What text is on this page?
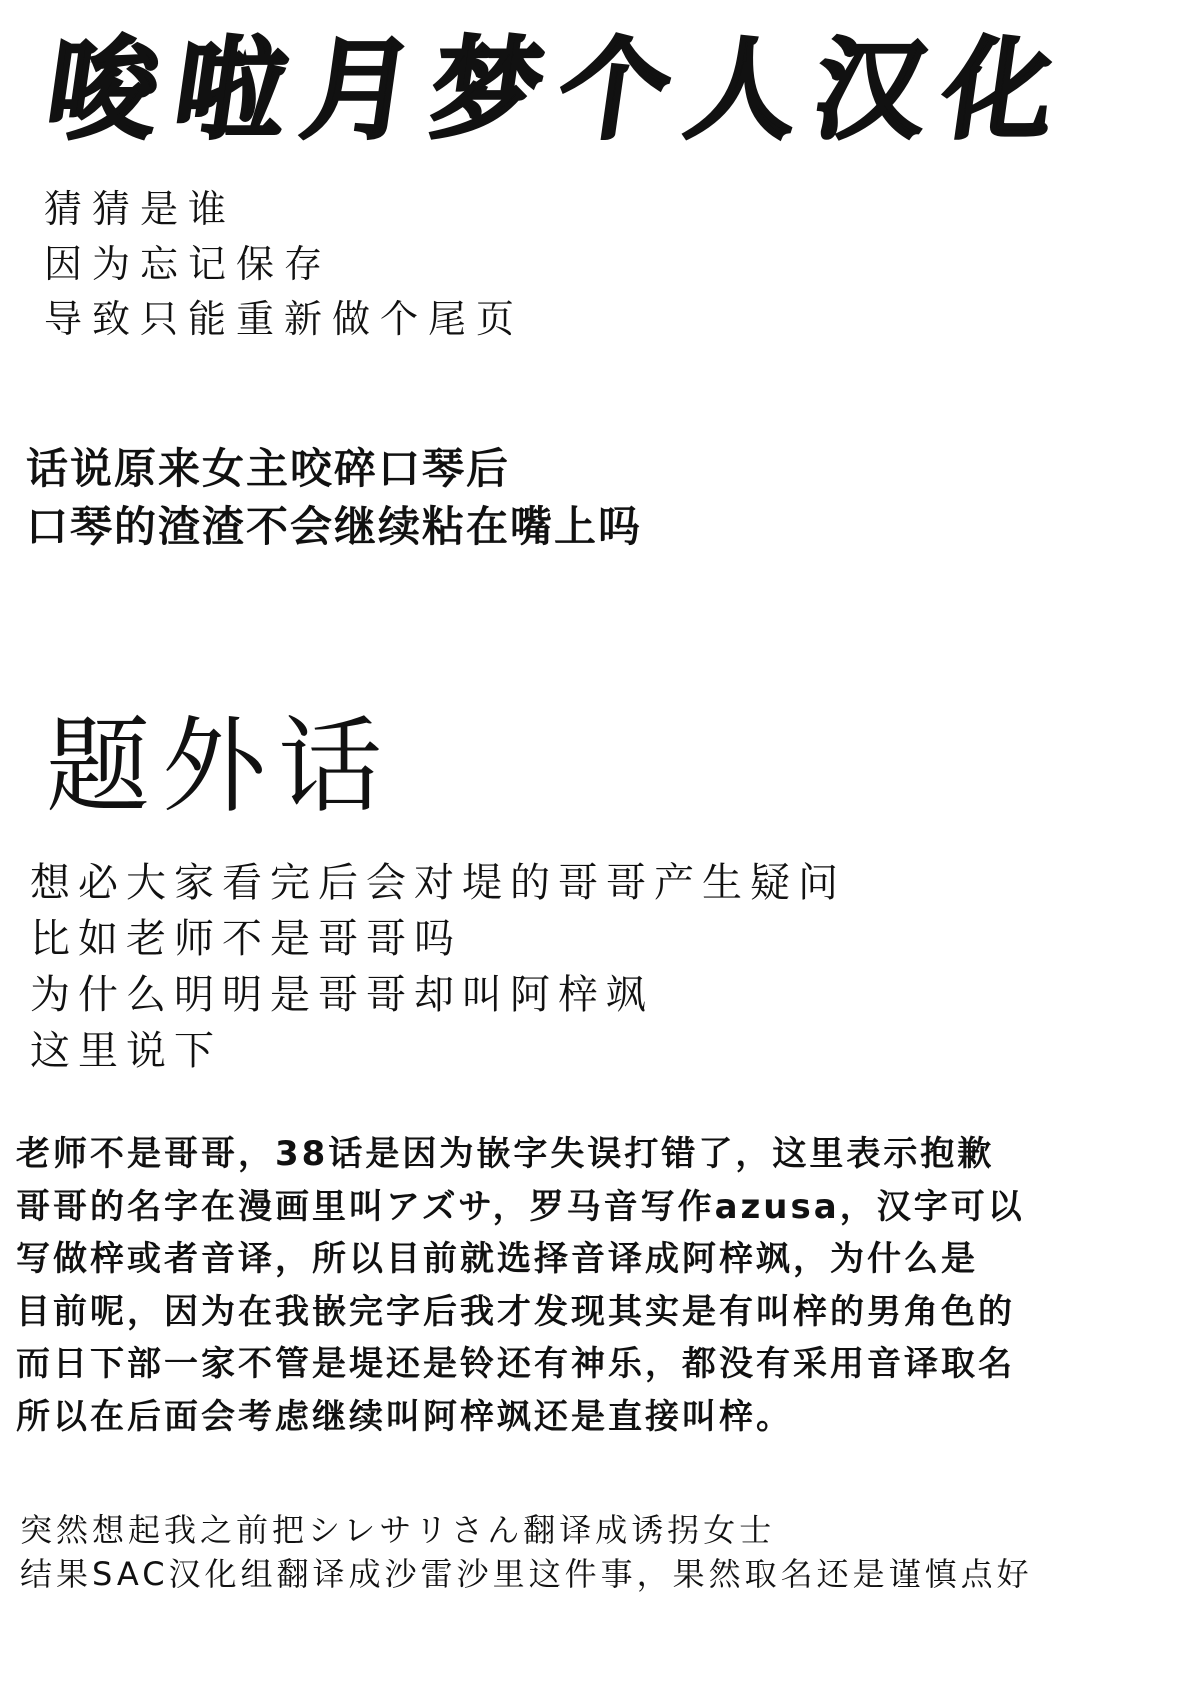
唆啦月梦个人汉化
猜猜是谁
因为忘记保存
导致只能重新做个尾页
话说原来女主咬碎口琴后
口琴的渣渣不会继续粘在嘴上吗
题外话
想必大家看完后会对堤的哥哥产生疑问
比如老师不是哥哥吗
为什么明明是哥哥却叫阿梓飒
这里说下
老师不是哥哥，38话是因为嵌字失误打错了，这里表示抱歉
哥哥的名字在漫画里叫アズサ，罗马音写作azusa，汉字可以
写做梓或者音译，所以目前就选择音译成阿梓飒，为什么是
目前呢，因为在我嵌完字后我才发现其实是有叫梓的男角色的
而日下部一家不管是堤还是铃还有神乐，都没有采用音译取名
所以在后面会考虑继续叫阿梓飒还是直接叫梓。
突然想起我之前把シレサリさん翻译成诱拐女士
结果SAC汉化组翻译成沙雷沙里这件事，果然取名还是谨慎点好
